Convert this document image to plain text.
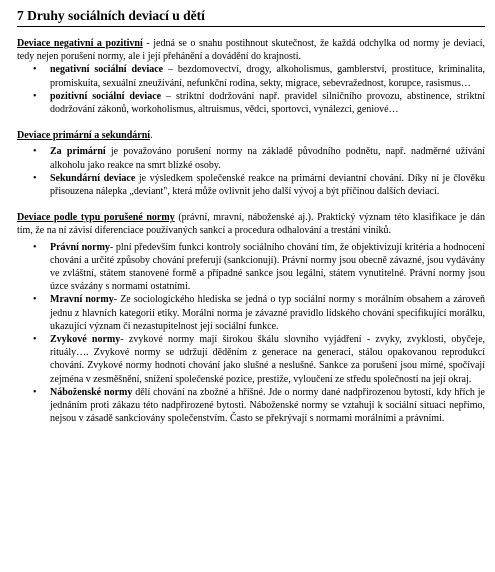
7 Druhy sociálních deviací u dětí

Deviace negativní a pozitivní - jedná se o snahu postihnout skutečnost, že každá odchylka od normy je deviací, tedy nejen porušení normy, ale i její přehánění a dovádění do krajnosti.

• negativní sociální deviace – bezdomovectví, drogy, alkoholismus, gamblerství, prostituce, kriminalita, promiskuita, sexuální zneužívání, nefunkční rodina, sekty, migrace, sebevražednost, korupce, rasismus…
• pozitivní sociální deviace – striktní dodržování např. pravidel silničního provozu, abstinence, striktní dodržování zákonů, workoholismus, altruismus, vědci, sportovci, vynálezci, geniové…

Deviace primární a sekundární.

• Za primární je považováno porušení normy na základě původního podnětu, např. nadměrné užívání alkoholu jako reakce na smrt blízké osoby.
• Sekundární deviace je výsledkem společenské reakce na primární deviantní chování. Díky ní je člověku přisouzena nálepka „deviant", která může ovlivnit jeho další vývoj a být příčinou dalších deviací.

Deviace podle typu porušené normy (právní, mravní, náboženské aj.). Praktický význam této klasifikace je dán tím, že na ní závisí diferenciace používaných sankcí a procedura odhalování a trestání viníků.

• Právní normy- plní především funkci kontroly sociálního chování tím, že objektivizují kritéria a hodnocení chování a určité způsoby chování preferují (sankcionují). Právní normy jsou obecně závazné, jsou vydávány ve zvláštní, státem stanovené formě a případné sankce jsou legální, státem vynutitelné. Právní normy jsou úzce svázány s normami ostatními.
• Mravní normy- Ze sociologického hlediska se jedná o typ sociální normy s morálním obsahem a zároveň jednu z hlavních kategorií etiky. Morální norma je závazné pravidlo lidského chování specifikující morálku, ukazující význam či nezastupitelnost její sociální funkce.
• Zvykové normy- zvykové normy mají širokou škálu slovního vyjádření - zvyky, zvyklosti, obyčeje, rituály…. Zvykové normy se udržují děděním z generace na generaci, stálou opakovanou reprodukcí chování. Zvykové normy hodnotí chování jako slušné a neslušné. Sankce za porušení jsou mírné, spočívají zejména v zesměšnění, snížení společenské pozice, prestiže, vyloučení ze středu společnosti na její okraj.
• Náboženské normy dělí chování na zbožné a hříšné. Jde o normy dané nadpřirozenou bytostí, kdy hřích je jednáním proti zákazu této nadpřirozené bytosti. Náboženské normy se vztahují k sociální situaci nepřímo, nejsou v zásadě sankciovány společenstvím. Často se překrývají s normami morálními a právními.
